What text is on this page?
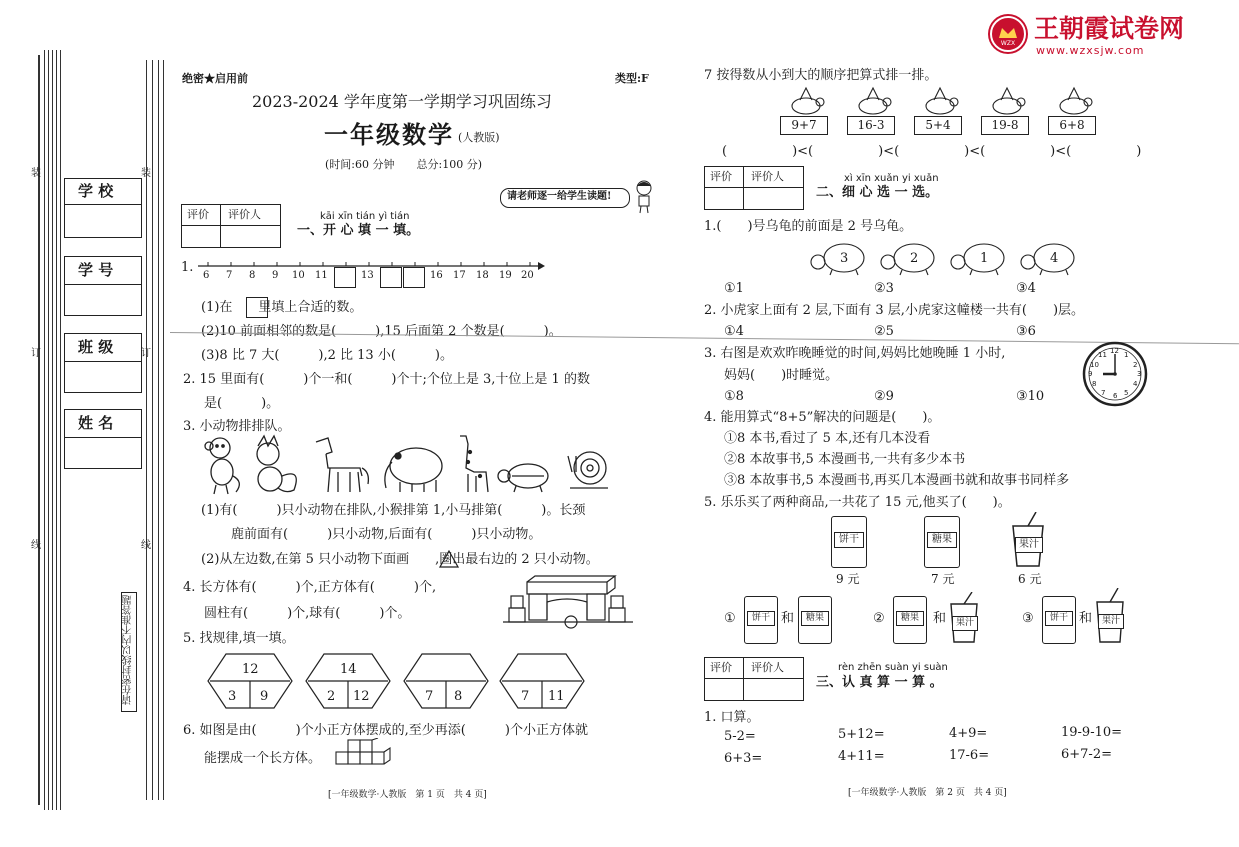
WZX
王朝霞试卷网
www.wzxsjw.com
学 校
学 号
班 级
姓 名
请在密封线以内不准答题
装	装
订	订
线	线
绝密★启用前	类型:F
2023-2024 学年度第一学期学习巩固练习
一年级数学 (人教版)
(时间:60 分钟　　总分:100 分)
请老师逐一给学生读题!
评价 评价人	kāi xīn tián yì tián
一、开 心 填 一 填。
1.
6 7 8 9 10 11	13	16 17 18 19 20
(1)在　　里填上合适的数。
(2)10 前面相邻的数是(　　　),15 后面第 2 个数是(　　　)。
(3)8 比 7 大(　　　),2 比 13 小(　　　)。
2. 15 里面有(　　　)个一和(　　　)个十;个位上是 3,十位上是 1 的数
是(　　　)。
3. 小动物排排队。
(1)有(　　　)只小动物在排队,小猴排第 1,小马排第(　　　)。长颈
鹿前面有(　　　)只小动物,后面有(　　　)只小动物。
(2)从左边数,在第 5 只小动物下面画　　,圈出最右边的 2 只小动物。
4. 长方体有(　　　)个,正方体有(　　　)个,
圆柱有(　　　)个,球有(　　　)个。
5. 找规律,填一填。
12
3 9
14
2 12	7 8	7 11
6. 如图是由(　　　)个小正方体摆成的,至少再添(　　　)个小正方体就
能摆成一个长方体。
[一年级数学·人教版　第 1 页　共 4 页]
7 按得数从小到大的顺序把算式排一排。
9+7	16-3	5+4	19-8	6+8
(　　　　　)<(　　　　　)<(　　　　　)<(　　　　　)<(　　　　　)
评价 评价人	xì xīn xuǎn yi xuǎn
二、细 心 选 一 选。
1.(　　)号乌龟的前面是 2 号乌龟。
3	2	1	4
①1	②3	③4
2. 小虎家上面有 2 层,下面有 3 层,小虎家这幢楼一共有(　　)层。
①4	②5	③6
3. 右图是欢欢昨晚睡觉的时间,妈妈比她晚睡 1 小时,
妈妈(　　)时睡觉。
①8	②9	③10
12 1
2
3
4
5
6
7
8
9
10
11
4. 能用算式“8+5”解决的问题是(　　)。
①8 本书,看过了 5 本,还有几本没看
②8 本故事书,5 本漫画书,一共有多少本书
③8 本故事书,5 本漫画书,再买几本漫画书就和故事书同样多
5. 乐乐买了两种商品,一共花了 15 元,他买了(　　)。
饼干
9 元
糖果
7 元
果汁
6 元
①	饼干 和	糖果	②	糖果	和	果汁	③	饼干 和	果汁
评价 评价人	rèn zhēn suàn yi suàn
三、认 真 算 一 算 。
1. 口算。
5-2=	5+12=	4+9=	19-9-10=
6+3=	4+11=	17-6=	6+7-2=
[一年级数学·人教版　第 2 页　共 4 页]
